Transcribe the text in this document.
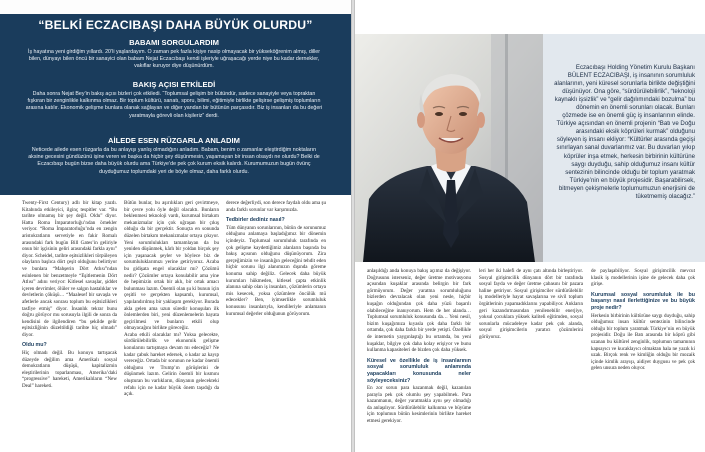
“BELKİ ECZACIBAŞI DAHA BÜYÜK OLURDU”
BABAMI SORGULARDIM
İş hayatına yeni girdiğim yıllardı. 20’li yaşlardayım. O zaman pek fazla kişiye nasip olmayacak bir yükseköğrenim almış, diller bilen, dünyayı bilen öncü bir sanayici olan babam Nejat Eczacıbaşı kendi işleriyle uğraşacağı yerde niye bu kadar dernekler, vakıflar kuruyor diye düşünürdüm.
BAKIŞ AÇISI ETKİLEDİ
Daha sonra Nejat Bey’in bakış açısı bizleri çok etkiledi. “Toplumsal gelişim bir bütündür, sadece sanayiyle veya topraktan fışkıran bir zenginlikle kalkınma olmaz. Bir toplum kültürü, sanatı, sporu, bilimi, eğitimiyle birlikte gelişirse gelişmiş toplumların arasına katılır. Ekonomik gelişme bunlara olanak sağlayan ve diğer yandan bir bütünün parçasıdır. Biz iş insanları da bu değeri yaratmayla görevli olan kişileriz” derdi.
AİLEDE ESEN RÜZGARLA ANLADIM
Neticede ailede esen rüzgarla da bu anlayışı yanlış olmadığını anladım. Babam, benim o zamanlar eleştirdiğim noktaların aksine gecesini gündüzünü işine veren ve başka da hiçbir şey düşünmesin, yaşamayan bir insan olsaydı ne olurdu? Belki de Eczacıbaşı bugün bizse daha büyük olurdu ama Türkiye’de pek çok kurum eksik kalırdı. Kurumumuzun bugün övünç duyduğumuz toplumdaki yeri de böyle olmaz, daha farklı olurdu.

Twenty-First Century) adlı bir kitap yazdı. Kitabında etkileyici, ilginç tespitler var. “Bu tarihte olmamış bir şey değil. Olduˮ diyor. Hatta Roma İmparatorluğu’ndan örnekler veriyor. “Roma İmparatorluğu’nda en zengin aristokratların servetiyle en fakir Romalı arasındaki fark bugün Bill Gates’in geliriyle onun bir işçisinin geliri arasındaki farkla aynı” diyor. Scheidel, tarihte eşitsizlikleri törpüleyen olayların başlıca dört çeşit olduğunu belirtiyor ve bunlara “Mahşerin Dört Atlısı”ndan esinlenen bir benzetmeyle “Eşitlemenin Dört Atlısı” adını veriyor: Kitlesel savaşlar, şiddet içeren devrimler, ölüler ve salgın hastalıklar ve devletlerin çöküşü… “Maalesef bir savaşla ve afetlerle ancak sonrası toplum bu eşitsizlikleri tasfiye etmiş” diyor. İnsanlık tekrar bunu doğru görüyor mu sorusuyla ilgili de sonra da kendisini de ilgilendiren “bu şekilde gelir eşitsizliğinin düzeltildiği tarihte hiç olmadı” diyor.

Oldu mu?

Hiç olmadı değil. Bu konuyu tartışacak düzeyde değilim ama Amerikalı sosyal demokratların düşüşü, kapitalizmin eleştirilerinin toparlanması, Amerika’daki “progressive” hareketi, Amerikalıların “New Deal” hareketi.

Bütün bunlar, bu aşırılıkları geri çevirtmeye, bir çevre yolu öyle değil olacaktı. Bunların beklenmesi teknoloji vardı, kurumsal birtakım mekanizmalar için çok uğraşan bir çıkış olduğu da bir gerçektir. Sonuçta en sonunda düzelen birtakım mekanizmalar ortaya çıkıyor. Yeni sorumlulukları tamamlayan da bu yeniden düşünmek, kârlı bir yoldan birçok şey için yaşanacak şeyler ve böylece biz de sorumluluklarımızı yerine getiriyoruz. Acaba bu gidişata engel olacaklar mı? Çözümü nedir? Çözümler ortaya konulabilir ama yine de hepimizin ortak bir aklı, bir ortak amacı bulunması lazım. Önemli olan şu ki bunun için çeşitli ve gerçekten kapsamlı, kurumsal, yapılandırılmış bir yaklaşım gerekiyor. Burada akla gelen ama uzun süredir konuşulan ilk önlemlerden biri, yeni düzenlemelerin hayata geçirilmesi ve bunların etkili olup olmayacağını birlikte göreceğiz.

Acaba etkili olacaklar mı? Yoksa gelecekte, sürdürülebilirlik ve ekonomik gelişme konularını tartışmaya devam mı edeceğiz? Ne kadar çabuk hareket edersek, o kadar az kayıp vereceğiz. Ortada bir sorunun ne kadar önemli olduğunu ve Trump’ın görüşlerini de düşünmek lazım. Gelirin önemli bir kısmını oluşturan bu varlıkların, dünyanın gelecekteki refahı için ne kadar büyük önem taşıdığı da açık.

derece değerliydi, son derece faydalı oldu ama şu anda farklı sorunlar var karşımızda.

Tedbirler dediniz nasıl?

Tüm dünyanın sorunlarının, bütün de sorunumuz olduğunu anlamaya başladığımız bir dönemin içindeyiz. Toplumsal sorumluluk tarafında en çok gelişme kaydettiğimiz alanların başında bu bakış açısının olduğunu düşünüyorum. Zira gerçeğimizin ve insanlığın geleceğini tehdit eden hiçbir sorunu ilgi alanımızın dışında göreme konuma sahip değiliz. Gelecek daha büyük kurumları hükmeden, kitlesel çapta etkinlik alanına sahip olan iş insanları, çözümlerin ortaya mis kesecek, yoksa çözümlere öncülük mü edecekler? Ben, iyimserlikle sorumluluk konusunu insanlarıyla, kendileriyle anlamanın kurumsal değerler olduğunun görüyorum.

Eczacıbaşı Holding Yönetim Kurulu Başkanı BÜLENT ECZACIBAŞI, iş insanının sorumluluk alanlarının, yeni küresel sorunlarla birlikte değiştiğini düşünüyor. Ona göre, “sürdürülebilirlik”, “teknoloji kaynaklı işsizlik” ve “gelir dağılımındaki bozulma” bu dönemin en önemli sorunları olacak. Bunları çözmede ise en önemli güç iş insanlarının elinde. Türkiye açısından en önemli projenin “Batı ve Doğu arasındaki eksik köprüleri kurmak” olduğunu söyleyen iş insanı ekliyor: “Kültürler arasında geçişi sınırlayan sanal duvarlarımız var. Bu duvarları yıkıp köprüler inşa etmek, herkesin birbirinin kültürüne saygı duyduğu, sahip olduğumuz insanı kültür sentezinin bilincinde olduğu bir toplum yaratmak Türkiye’nin en büyük projesidir. Başarabilirsek, bitmeyen çekişmelerle toplumumuzun enerjisini de tüketmemiş olacağız.”

anlaşıldığı anda konuya bakış açımız da değişiyor. Doğrusunu isterseniz, değer üretme motivasyonu açısından kuşaklar arasında belirgin bir fark görmüyorum. Değer yaratma sorumluluğunu bizlerden devralacak olan yeni nesle, hiçbir kuşağın olduğundan çok daha yüzü başarılı olabileceğine inanıyorum. Hem de her alanda… Toplumsal sorumluluk konusunda da… Yeni nesil, bizim kuşağımıza kıyasla çok daha farklı bir ortamda, çok daha farklı bir yerde yetişti. Özellikle de internetin yaygınlaştığı bu ortamda, bu yeni kuşaklar, bilgiye çok daha kolay erişiyor ve bunu kullanma kapasiteleri de bizden çok daha yüksek.

Küresel ve özellikle de iş insanlarının sosyal sorumluluk anlamında yapacakları konusunda neler söyleyeceksiniz?

En zor sorun para kazanmak değil, kazanılan parayla pek çok olumlu şey yapabilmek. Para kazanmanın, değer yaratmakla aynı şey olmadığı da anlaşılıyor. Sürdürülebilir kalkınma ve büyüme için toplumun bütün kesimlerinin birlikte hareket etmesi gerekiyor.

leri her iki halefi de aynı çatı altında birleştiriyor. Sosyal girişimcilik dünyanın dört bir tarafında sosyal fayda ve değer üretme çabasını bir pazara haline getiriyor. Sosyal girişimciler sürdürülebilir iş modelleriyle hayat savaşlarına ve sivil toplum örgütlerinin yapamadıklarını yapabiliyor. Ankların geri kazandırmasından yenilenebilir enerjiye, yoksul çocuklara yüksek kaliteli eğitimden, sosyal sorunlarla mücadeleye kadar pek çok alanda, sosyal girişimcilerin yaratıcı çözümlerini görüyoruz.

de paylaşabiliyor. Sosyal girişimcilik mevcut klasik iş modellerinin işine de gelecek daha çok girişe.

Kurumsal sosyal sorumluluk ile bu başarıyı nasıl ilerlettiğinize ve bu büyük proje nedir?

Herkesin birbirinin kültürüne saygı duyduğu, sahip olduğumuz insan kültür sentezinin bilincinde olduğu bir toplum yaratmak Türkiye’nin en büyük projesidir. Doğu ile Batı arasında bir köprü gibi uzanan bu kültürel zenginlik, toplumun tamamının kapsayıcı ve kucaklayıcı olmaktan hala ne yazık ki uzak. Birçok renk ve kimliğin olduğu bir mozaik içinde kimlik arayışı, aidiyet duygusu ve pek çok gelen unsura neden oluyor.
